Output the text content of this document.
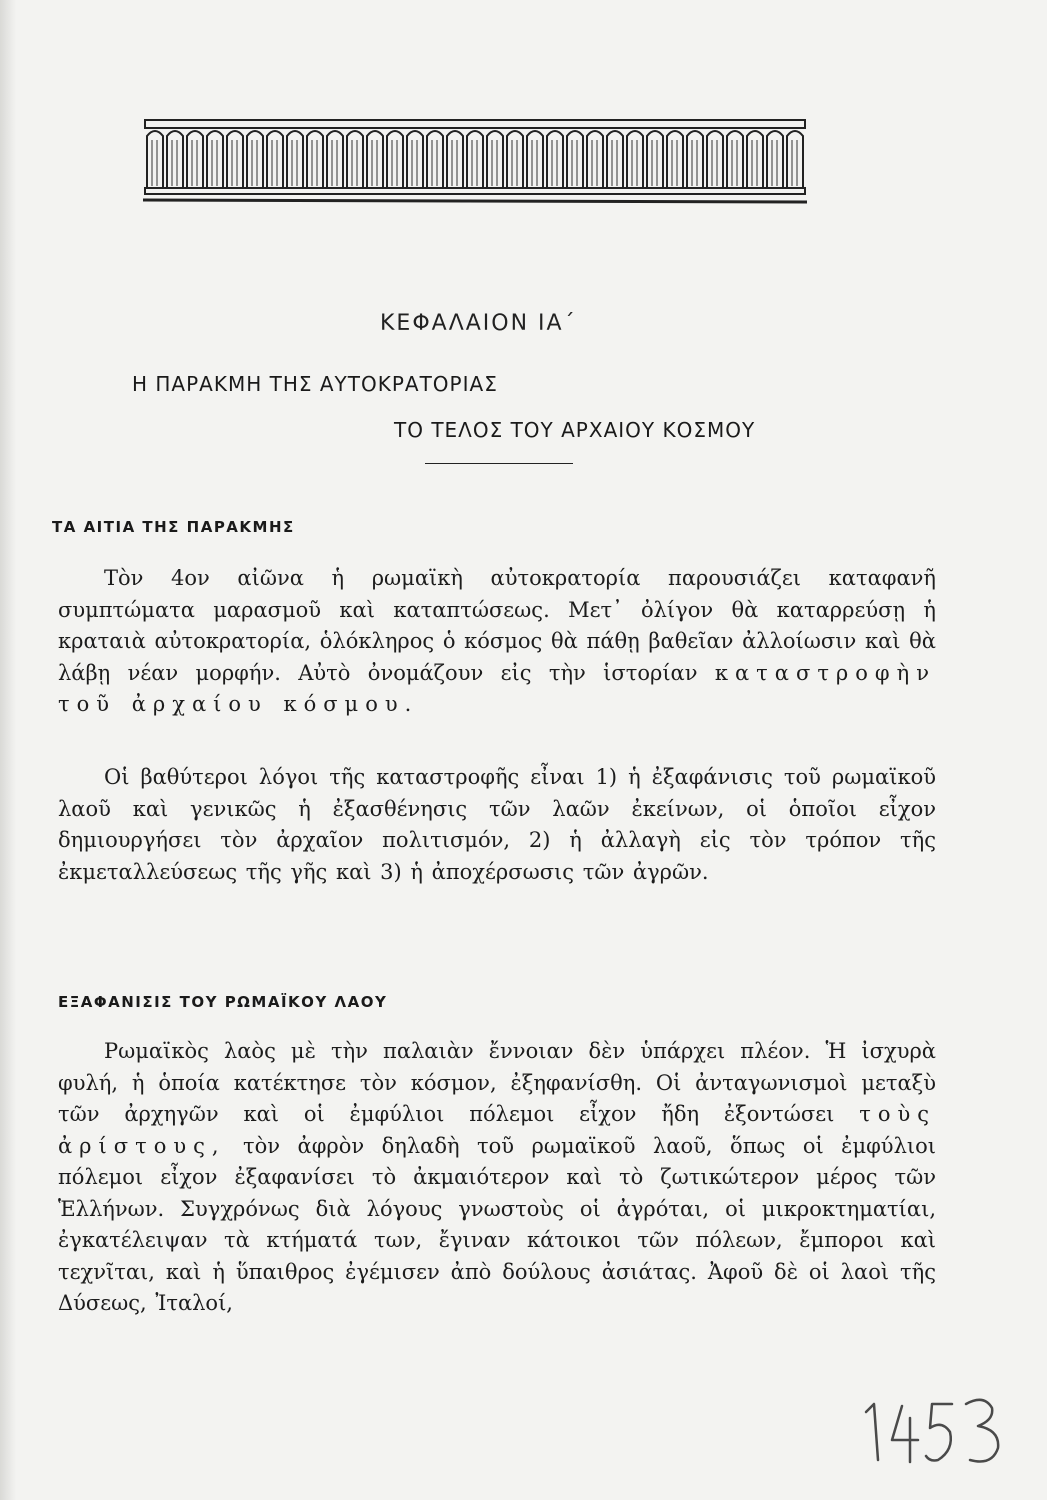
ΚΕΦΑΛΑΙΟΝ ΙΑ΄
Η ΠΑΡΑΚΜΗ ΤΗΣ ΑΥΤΟΚΡΑΤΟΡΙΑΣ
ΤΟ ΤΕΛΟΣ ΤΟΥ ΑΡΧΑΙΟΥ ΚΟΣΜΟΥ
ΤΑ ΑΙΤΙΑ ΤΗΣ ΠΑΡΑΚΜΗΣ
Τὸν 4ον αἰῶνα ἡ ρωμαϊκὴ αὐτοκρατορία παρουσιάζει καταφανῆ συμπτώματα μαρασμοῦ καὶ καταπτώσεως. Μετ᾽ ὀλίγον θὰ καταρρεύσῃ ἡ κραταιὰ αὐτοκρατορία, ὁλόκληρος ὁ κόσμος θὰ πάθῃ βαθεῖαν ἀλλοίωσιν καὶ θὰ λάβῃ νέαν μορφήν. Αὐτὸ ὀνομάζουν εἰς τὴν ἱστορίαν καταστροφὴν τοῦ ἀρχαίου κόσμου.
Οἱ βαθύτεροι λόγοι τῆς καταστροφῆς εἶναι 1) ἡ ἐξαφάνισις τοῦ ρωμαϊκοῦ λαοῦ καὶ γενικῶς ἡ ἐξασθένησις τῶν λαῶν ἐκείνων, οἱ ὁποῖοι εἶχον δημιουργήσει τὸν ἀρχαῖον πολιτισμόν, 2) ἡ ἀλλαγὴ εἰς τὸν τρόπον τῆς ἐκμεταλλεύσεως τῆς γῆς καὶ 3) ἡ ἀποχέρσωσις τῶν ἀγρῶν.
ΕΞΑΦΑΝΙΣΙΣ ΤΟΥ ΡΩΜΑΪΚΟΥ ΛΑΟΥ
Ρωμαϊκὸς λαὸς μὲ τὴν παλαιὰν ἔννοιαν δὲν ὑπάρχει πλέον. Ἡ ἰσχυρὰ φυλή, ἡ ὁποία κατέκτησε τὸν κόσμον, ἐξηφανίσθη. Οἱ ἀνταγωνισμοὶ μεταξὺ τῶν ἀρχηγῶν καὶ οἱ ἐμφύλιοι πόλεμοι εἶχον ἤδη ἐξοντώσει τοὺς ἀρίστους, τὸν ἀφρὸν δηλαδὴ τοῦ ρωμαϊκοῦ λαοῦ, ὅπως οἱ ἐμφύλιοι πόλεμοι εἶχον ἐξαφανίσει τὸ ἀκμαιότερον καὶ τὸ ζωτικώτερον μέρος τῶν Ἑλλήνων. Συγχρόνως διὰ λόγους γνωστοὺς οἱ ἀγρόται, οἱ μικροκτηματίαι, ἐγκατέλειψαν τὰ κτήματά των, ἔγιναν κάτοικοι τῶν πόλεων, ἔμποροι καὶ τεχνῖται, καὶ ἡ ὕπαιθρος ἐγέμισεν ἀπὸ δούλους ἀσιάτας. Ἀφοῦ δὲ οἱ λαοὶ τῆς Δύσεως, Ἰταλοί,
